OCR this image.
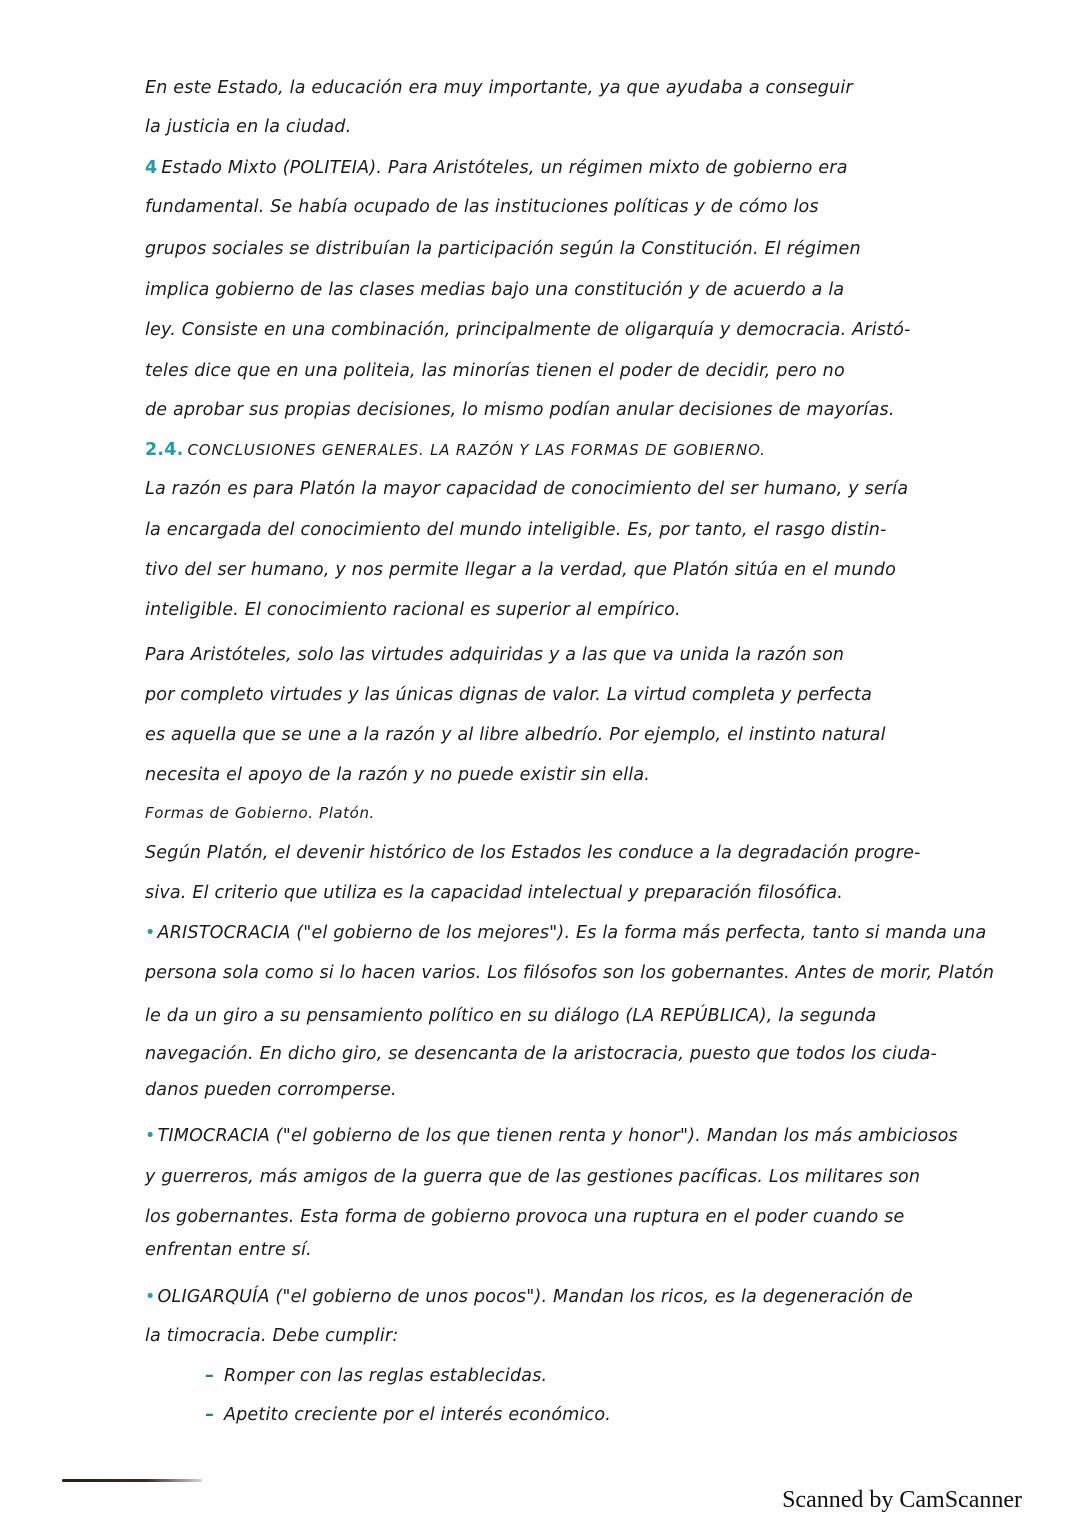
En este Estado, la educación era muy importante, ya que ayudaba a conseguir
la justicia en la ciudad.
4 Estado Mixto (POLITEIA). Para Aristóteles, un régimen mixto de gobierno era
fundamental. Se había ocupado de las instituciones políticas y de cómo los
grupos sociales se distribuían la participación según la Constitución. El régimen
implica gobierno de las clases medias bajo una constitución y de acuerdo a la
ley. Consiste en una combinación, principalmente de oligarquía y democracia. Aristó-
teles dice que en una politeia, las minorías tienen el poder de decidir, pero no
de aprobar sus propias decisiones, lo mismo podían anular decisiones de mayorías.
2.4. CONCLUSIONES GENERALES. LA RAZÓN Y LAS FORMAS DE GOBIERNO.
La razón es para Platón la mayor capacidad de conocimiento del ser humano, y sería
la encargada del conocimiento del mundo inteligible. Es, por tanto, el rasgo distin-
tivo del ser humano, y nos permite llegar a la verdad, que Platón sitúa en el mundo
inteligible. El conocimiento racional es superior al empírico.
Para Aristóteles, solo las virtudes adquiridas y a las que va unida la razón son
por completo virtudes y las únicas dignas de valor. La virtud completa y perfecta
es aquella que se une a la razón y al libre albedrío. Por ejemplo, el instinto natural
necesita el apoyo de la razón y no puede existir sin ella.
Formas de Gobierno. Platón.
Según Platón, el devenir histórico de los Estados les conduce a la degradación progre-
siva. El criterio que utiliza es la capacidad intelectual y preparación filosófica.
• ARISTOCRACIA ("el gobierno de los mejores"). Es la forma más perfecta, tanto si manda una
persona sola como si lo hacen varios. Los filósofos son los gobernantes. Antes de morir, Platón
le da un giro a su pensamiento político en su diálogo (LA REPÚBLICA), la segunda
navegación. En dicho giro, se desencanta de la aristocracia, puesto que todos los ciuda-
danos pueden corromperse.
• TIMOCRACIA ("el gobierno de los que tienen renta y honor"). Mandan los más ambiciosos
y guerreros, más amigos de la guerra que de las gestiones pacíficas. Los militares son
los gobernantes. Esta forma de gobierno provoca una ruptura en el poder cuando se
enfrentan entre sí.
• OLIGARQUÍA ("el gobierno de unos pocos"). Mandan los ricos, es la degeneración de
la timocracia. Debe cumplir:
– Romper con las reglas establecidas.
– Apetito creciente por el interés económico.
Scanned by CamScanner
